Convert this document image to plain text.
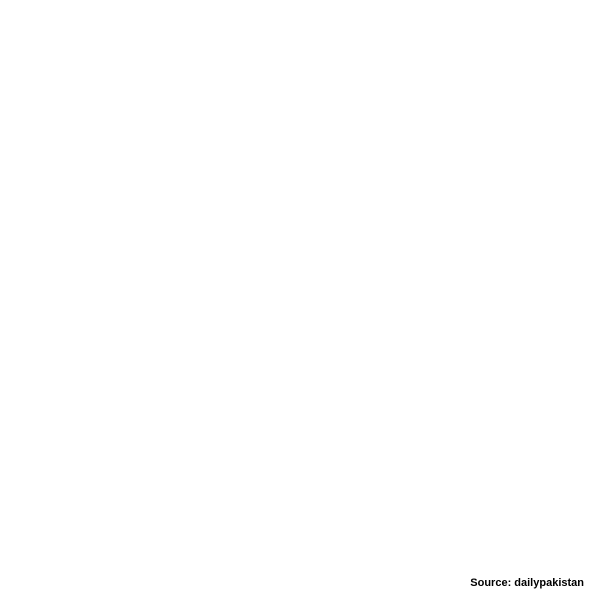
Source: dailypakistan
